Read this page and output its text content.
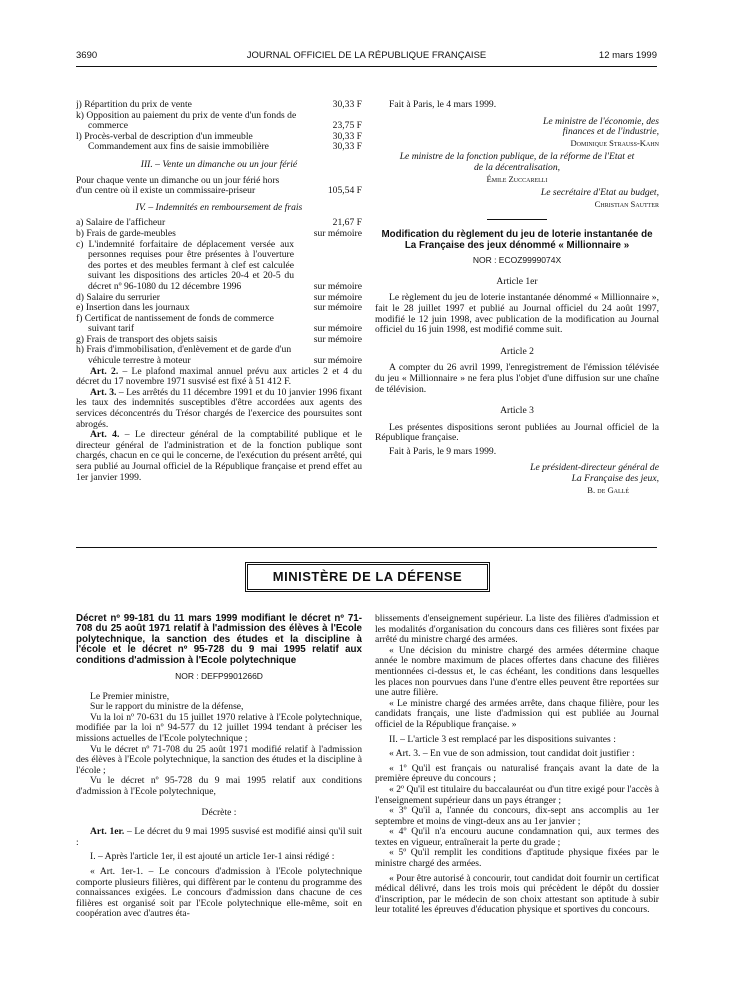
3690	JOURNAL OFFICIEL DE LA RÉPUBLIQUE FRANÇAISE	12 mars 1999
j) Répartition du prix de vente	30,33 F
k) Opposition au paiement du prix de vente d'un fonds de commerce	23,75 F
l) Procès-verbal de description d'un immeuble	30,33 F
Commandement aux fins de saisie immobilière	30,33 F

III. – Vente un dimanche ou un jour férié

Pour chaque vente un dimanche ou un jour férié hors d'un centre où il existe un commissaire-priseur	105,54 F

IV. – Indemnités en remboursement de frais

a) Salaire de l'afficheur	21,67 F
b) Frais de garde-meubles	sur mémoire
c) L'indemnité forfaitaire de déplacement versée aux personnes requises pour être présentes à l'ouverture des portes et des meubles fermant à clef est calculée suivant les dispositions des articles 20-4 et 20-5 du décret nº 96-1080 du 12 décembre 1996	sur mémoire
d) Salaire du serrurier	sur mémoire
e) Insertion dans les journaux	sur mémoire
f) Certificat de nantissement de fonds de commerce suivant tarif	sur mémoire
g) Frais de transport des objets saisis	sur mémoire
h) Frais d'immobilisation, d'enlèvement et de garde d'un véhicule terrestre à moteur	sur mémoire

Art. 2. – Le plafond maximal annuel prévu aux articles 2 et 4 du décret du 17 novembre 1971 susvisé est fixé à 51 412 F.

Art. 3. – Les arrêtés du 11 décembre 1991 et du 10 janvier 1996 fixant les taux des indemnités susceptibles d'être accordées aux agents des services déconcentrés du Trésor chargés de l'exercice des poursuites sont abrogés.

Art. 4. – Le directeur général de la comptabilité publique et le directeur général de l'administration et de la fonction publique sont chargés, chacun en ce qui le concerne, de l'exécution du présent arrêté, qui sera publié au Journal officiel de la République française et prend effet au 1er janvier 1999.

Fait à Paris, le 4 mars 1999.

Le ministre de l'économie, des finances et de l'industrie,

Dominique Strauss-Kahn

Le ministre de la fonction publique, de la réforme de l'Etat et de la décentralisation,

Émile Zuccarelli

Le secrétaire d'Etat au budget,

Christian Sautter

Modification du règlement du jeu de loterie instantanée de La Française des jeux dénommé « Millionnaire »

NOR : ECOZ9999074X

Article 1er

Le règlement du jeu de loterie instantanée dénommé « Millionnaire », fait le 28 juillet 1997 et publié au Journal officiel du 24 août 1997, modifié le 12 juin 1998, avec publication de la modification au Journal officiel du 16 juin 1998, est modifié comme suit.

Article 2

A compter du 26 avril 1999, l'enregistrement de l'émission télévisée du jeu « Millionnaire » ne fera plus l'objet d'une diffusion sur une chaîne de télévision.

Article 3

Les présentes dispositions seront publiées au Journal officiel de la République française.

Fait à Paris, le 9 mars 1999.

Le président-directeur général de La Française des jeux,

B. de Gallé

MINISTÈRE DE LA DÉFENSE

Décret nº 99-181 du 11 mars 1999 modifiant le décret nº 71-708 du 25 août 1971 relatif à l'admission des élèves à l'Ecole polytechnique, la sanction des études et la discipline à l'école et le décret nº 95-728 du 9 mai 1995 relatif aux conditions d'admission à l'Ecole polytechnique

NOR : DEFP9901266D

Le Premier ministre,

Sur le rapport du ministre de la défense,

Vu la loi nº 70-631 du 15 juillet 1970 relative à l'Ecole polytechnique, modifiée par la loi nº 94-577 du 12 juillet 1994 tendant à préciser les missions actuelles de l'Ecole polytechnique ;

Vu le décret nº 71-708 du 25 août 1971 modifié relatif à l'admission des élèves à l'Ecole polytechnique, la sanction des études et la discipline à l'école ;

Vu le décret nº 95-728 du 9 mai 1995 relatif aux conditions d'admission à l'Ecole polytechnique,

Décrète :

Art. 1er. – Le décret du 9 mai 1995 susvisé est modifié ainsi qu'il suit :

I. – Après l'article 1er, il est ajouté un article 1er-1 ainsi rédigé :

« Art. 1er-1. – Le concours d'admission à l'Ecole polytechnique comporte plusieurs filières, qui diffèrent par le contenu du programme des connaissances exigées. Le concours d'admission dans chacune de ces filières est organisé soit par l'Ecole polytechnique elle-même, soit en coopération avec d'autres éta-

blissements d'enseignement supérieur. La liste des filières d'admission et les modalités d'organisation du concours dans ces filières sont fixées par arrêté du ministre chargé des armées.

« Une décision du ministre chargé des armées détermine chaque année le nombre maximum de places offertes dans chacune des filières mentionnées ci-dessus et, le cas échéant, les conditions dans lesquelles les places non pourvues dans l'une d'entre elles peuvent être reportées sur une autre filière.

« Le ministre chargé des armées arrête, dans chaque filière, pour les candidats français, une liste d'admission qui est publiée au Journal officiel de la République française. »

II. – L'article 3 est remplacé par les dispositions suivantes :

« Art. 3. – En vue de son admission, tout candidat doit justifier :

« 1º Qu'il est français ou naturalisé français avant la date de la première épreuve du concours ;

« 2º Qu'il est titulaire du baccalauréat ou d'un titre exigé pour l'accès à l'enseignement supérieur dans un pays étranger ;

« 3º Qu'il a, l'année du concours, dix-sept ans accomplis au 1er septembre et moins de vingt-deux ans au 1er janvier ;

« 4º Qu'il n'a encouru aucune condamnation qui, aux termes des textes en vigueur, entraînerait la perte du grade ;

« 5º Qu'il remplit les conditions d'aptitude physique fixées par le ministre chargé des armées.

« Pour être autorisé à concourir, tout candidat doit fournir un certificat médical délivré, dans les trois mois qui précèdent le dépôt du dossier d'inscription, par le médecin de son choix attestant son aptitude à subir leur totalité les épreuves d'éducation physique et sportives du concours.
